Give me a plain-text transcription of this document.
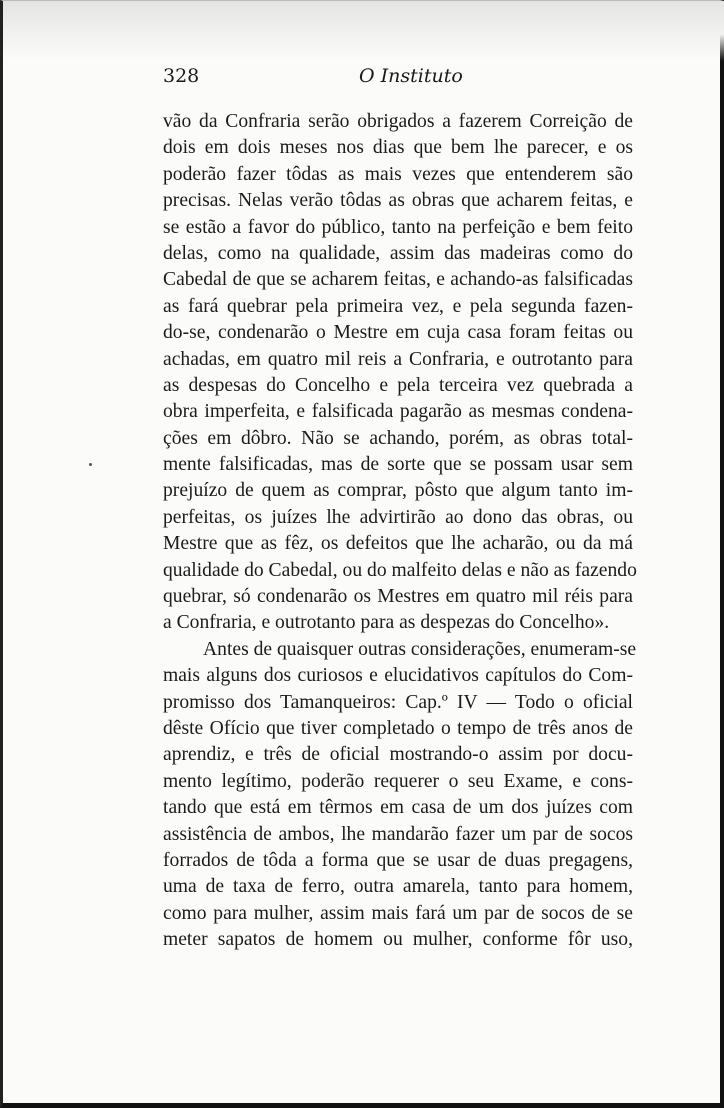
328	O Instituto
vão da Confraria serão obrigados a fazerem Correição de
dois em dois meses nos dias que bem lhe parecer, e os
poderão fazer tôdas as mais vezes que entenderem são
precisas. Nelas verão tôdas as obras que acharem feitas, e
se estão a favor do público, tanto na perfeição e bem feito
delas, como na qualidade, assim das madeiras como do
Cabedal de que se acharem feitas, e achando-as falsificadas
as fará quebrar pela primeira vez, e pela segunda fazen-
do-se, condenarão o Mestre em cuja casa foram feitas ou
achadas, em quatro mil reis a Confraria, e outrotanto para
as despesas do Concelho e pela terceira vez quebrada a
obra imperfeita, e falsificada pagarão as mesmas condena-
ções em dôbro. Não se achando, porém, as obras total-
mente falsificadas, mas de sorte que se possam usar sem
prejuízo de quem as comprar, pôsto que algum tanto im-
perfeitas, os juízes lhe advirtirão ao dono das obras, ou
Mestre que as fêz, os defeitos que lhe acharão, ou da má
qualidade do Cabedal, ou do malfeito delas e não as fazendo
quebrar, só condenarão os Mestres em quatro mil réis para
a Confraria, e outrotanto para as despezas do Concelho».
Antes de quaisquer outras considerações, enumeram-se
mais alguns dos curiosos e elucidativos capítulos do Com-
promisso dos Tamanqueiros: Cap.º IV — Todo o oficial
dêste Ofício que tiver completado o tempo de três anos de
aprendiz, e três de oficial mostrando-o assim por docu-
mento legítimo, poderão requerer o seu Exame, e cons-
tando que está em têrmos em casa de um dos juízes com
assistência de ambos, lhe mandarão fazer um par de socos
forrados de tôda a forma que se usar de duas pregagens,
uma de taxa de ferro, outra amarela, tanto para homem,
como para mulher, assim mais fará um par de socos de se
meter sapatos de homem ou mulher, conforme fôr uso,
